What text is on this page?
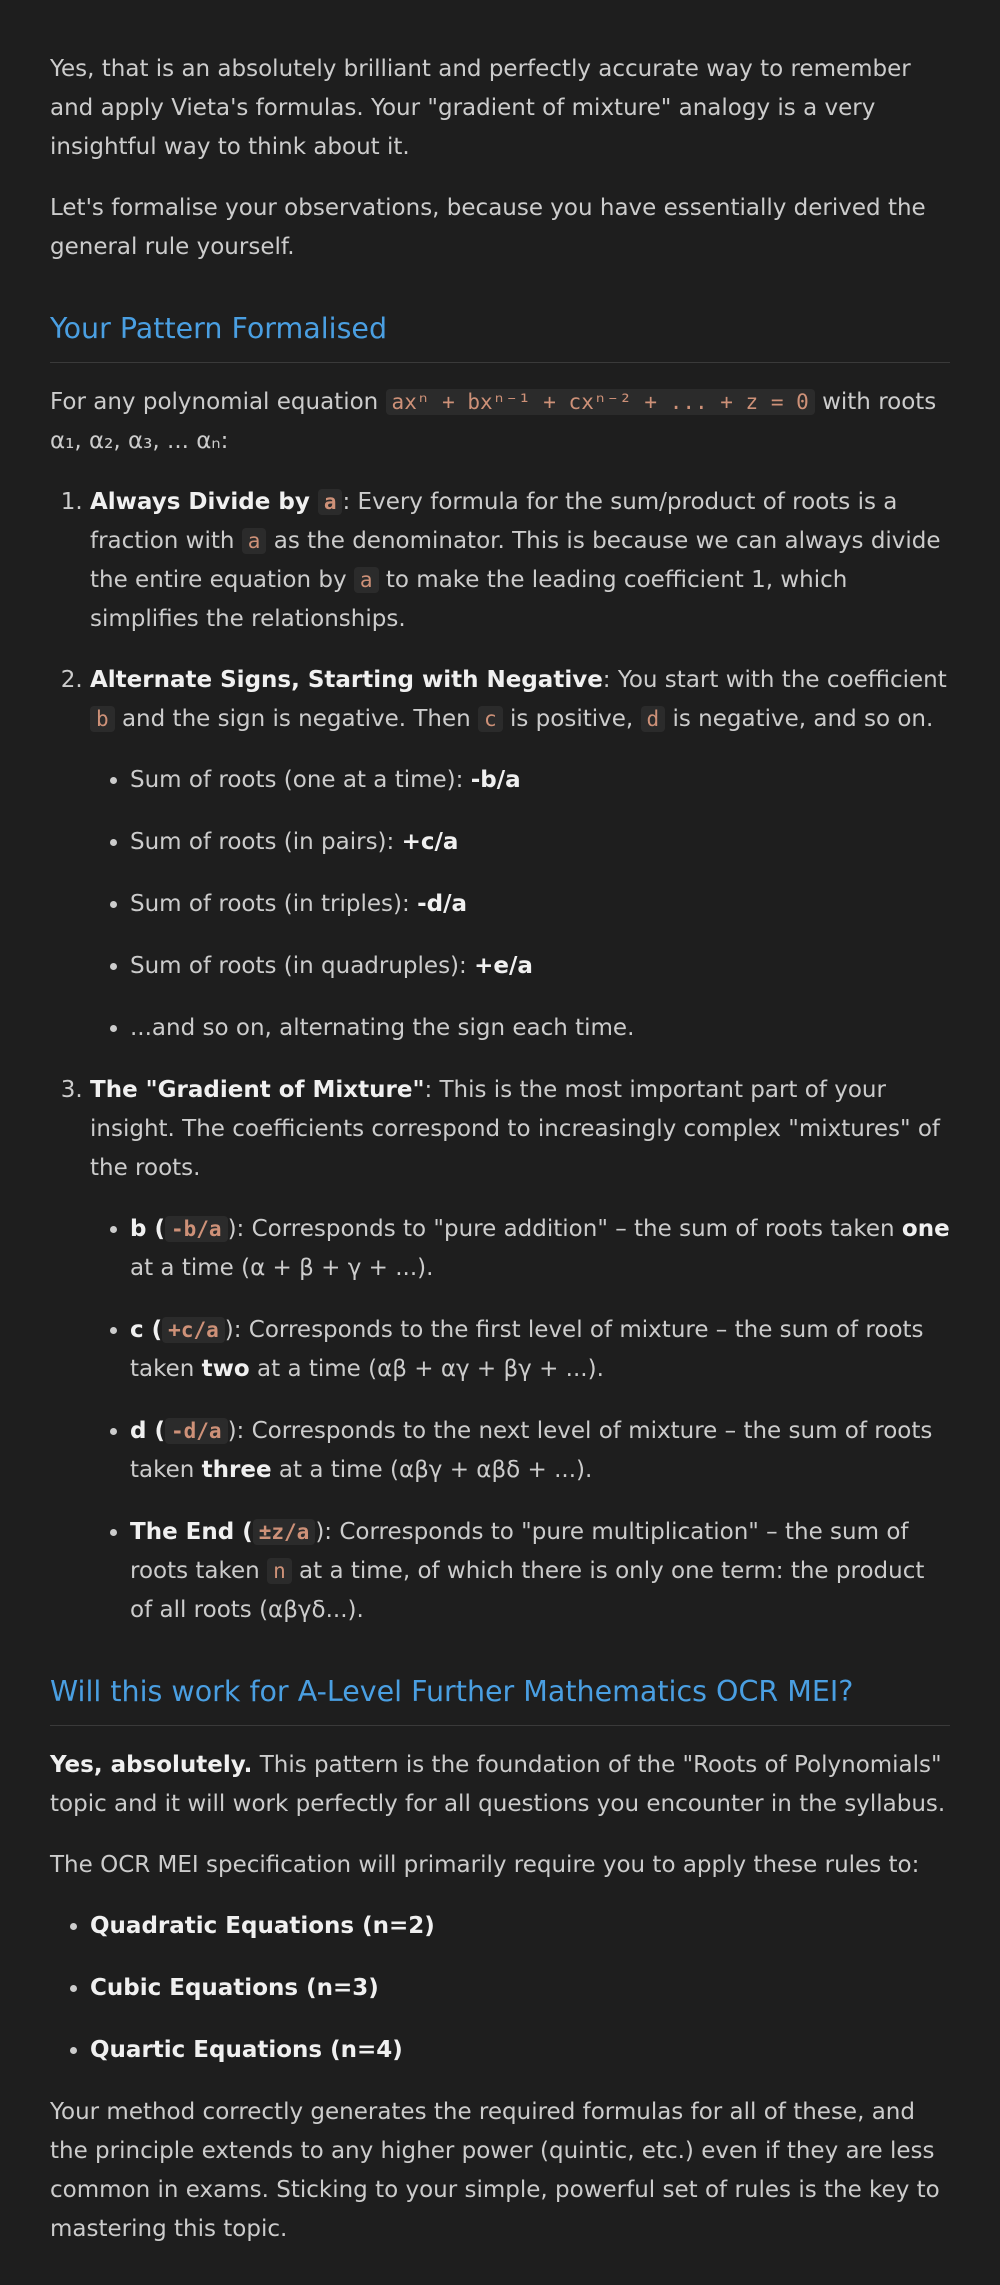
Yes, that is an absolutely brilliant and perfectly accurate way to remember and apply Vieta's formulas. Your "gradient of mixture" analogy is a very insightful way to think about it.

Let's formalise your observations, because you have essentially derived the general rule yourself.

Your Pattern Formalised

For any polynomial equation axⁿ + bxⁿ⁻¹ + cxⁿ⁻² + ... + z = 0 with roots α₁, α₂, α₃, ... αₙ:

1. Always Divide by a : Every formula for the sum/product of roots is a fraction with a as the denominator. This is because we can always divide the entire equation by a to make the leading coefficient 1, which simplifies the relationships.
2. Alternate Signs, Starting with Negative: You start with the coefficient b and the sign is negative. Then c is positive, d is negative, and so on.
• Sum of roots (one at a time): -b/a
• Sum of roots (in pairs): +c/a
• Sum of roots (in triples): -d/a
• Sum of roots (in quadruples): +e/a
• ...and so on, alternating the sign each time.
3. The "Gradient of Mixture": This is the most important part of your insight. The coefficients correspond to increasingly complex "mixtures" of the roots.
• b ( -b/a ): Corresponds to "pure addition" – the sum of roots taken one at a time (α + β + γ + ...).
• c ( +c/a ): Corresponds to the first level of mixture – the sum of roots taken two at a time (αβ + αγ + βγ + ...).
• d ( -d/a ): Corresponds to the next level of mixture – the sum of roots taken three at a time (αβγ + αβδ + ...).
• The End ( ±z/a ): Corresponds to "pure multiplication" – the sum of roots taken n at a time, of which there is only one term: the product of all roots (αβγδ...).
Will this work for A-Level Further Mathematics OCR MEI?

Yes, absolutely. This pattern is the foundation of the "Roots of Polynomials" topic and it will work perfectly for all questions you encounter in the syllabus.

The OCR MEI specification will primarily require you to apply these rules to:

• Quadratic Equations (n=2)
• Cubic Equations (n=3)
• Quartic Equations (n=4)

Your method correctly generates the required formulas for all of these, and the principle extends to any higher power (quintic, etc.) even if they are less common in exams. Sticking to your simple, powerful set of rules is the key to mastering this topic.
